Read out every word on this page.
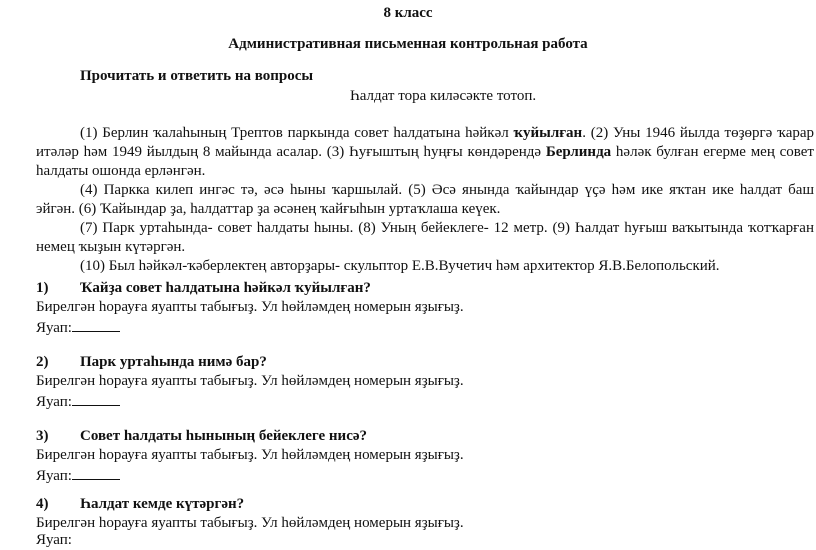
8 класс
Административная письменная контрольная работа
Прочитать и ответить на вопросы
Һалдат тора киләсәкте тотоп.

(1) Берлин ҡалаһының Трептов паркында совет һалдатына һәйкәл ҡуйылған. (2) Уны 1946 йылда төҙөргә ҡарар итәләр һәм 1949 йылдың 8 майында асалар. (3) Һуғыштың һуңғы көндәрендә Берлинда һәләк булған егерме мең совет һалдаты ошонда ерләнгән.

(4) Паркка килеп ингәс тә, әсә һыны ҡаршылай. (5) Әсә янында ҡайындар үҫә һәм ике яҡтан ике һалдат баш эйгән. (6) Ҡайындар ҙа, һалдаттар ҙа әсәнең ҡайғыһын уртаҡлаша кеүек.

(7) Парк уртаһында- совет һалдаты һыны. (8) Уның бейеклеге- 12 метр. (9) Һалдат һуғыш ваҡытында ҡотҡарған немец ҡыҙын күтәргән.

(10) Был һәйкәл-ҡәберлектең авторҙары- скульптор Е.В.Вучетич һәм архитектор Я.В.Белопольский.

1) Ҡайҙа совет һалдатына һәйкәл ҡуйылған?
Бирелгән һорауға яуапты табығыҙ. Ул һөйләмдең номерын яҙығыҙ.
Яуап:
2) Парк уртаһында нимә бар?
Бирелгән һорауға яуапты табығыҙ. Ул һөйләмдең номерын яҙығыҙ.
Яуап:
3) Совет һалдаты һынының бейеклеге нисә?
Бирелгән һорауға яуапты табығыҙ. Ул һөйләмдең номерын яҙығыҙ.
Яуап:
4) Һалдат кемде күтәргән?
Бирелгән һорауға яуапты табығыҙ. Ул һөйләмдең номерын яҙығыҙ.
Яуап:
